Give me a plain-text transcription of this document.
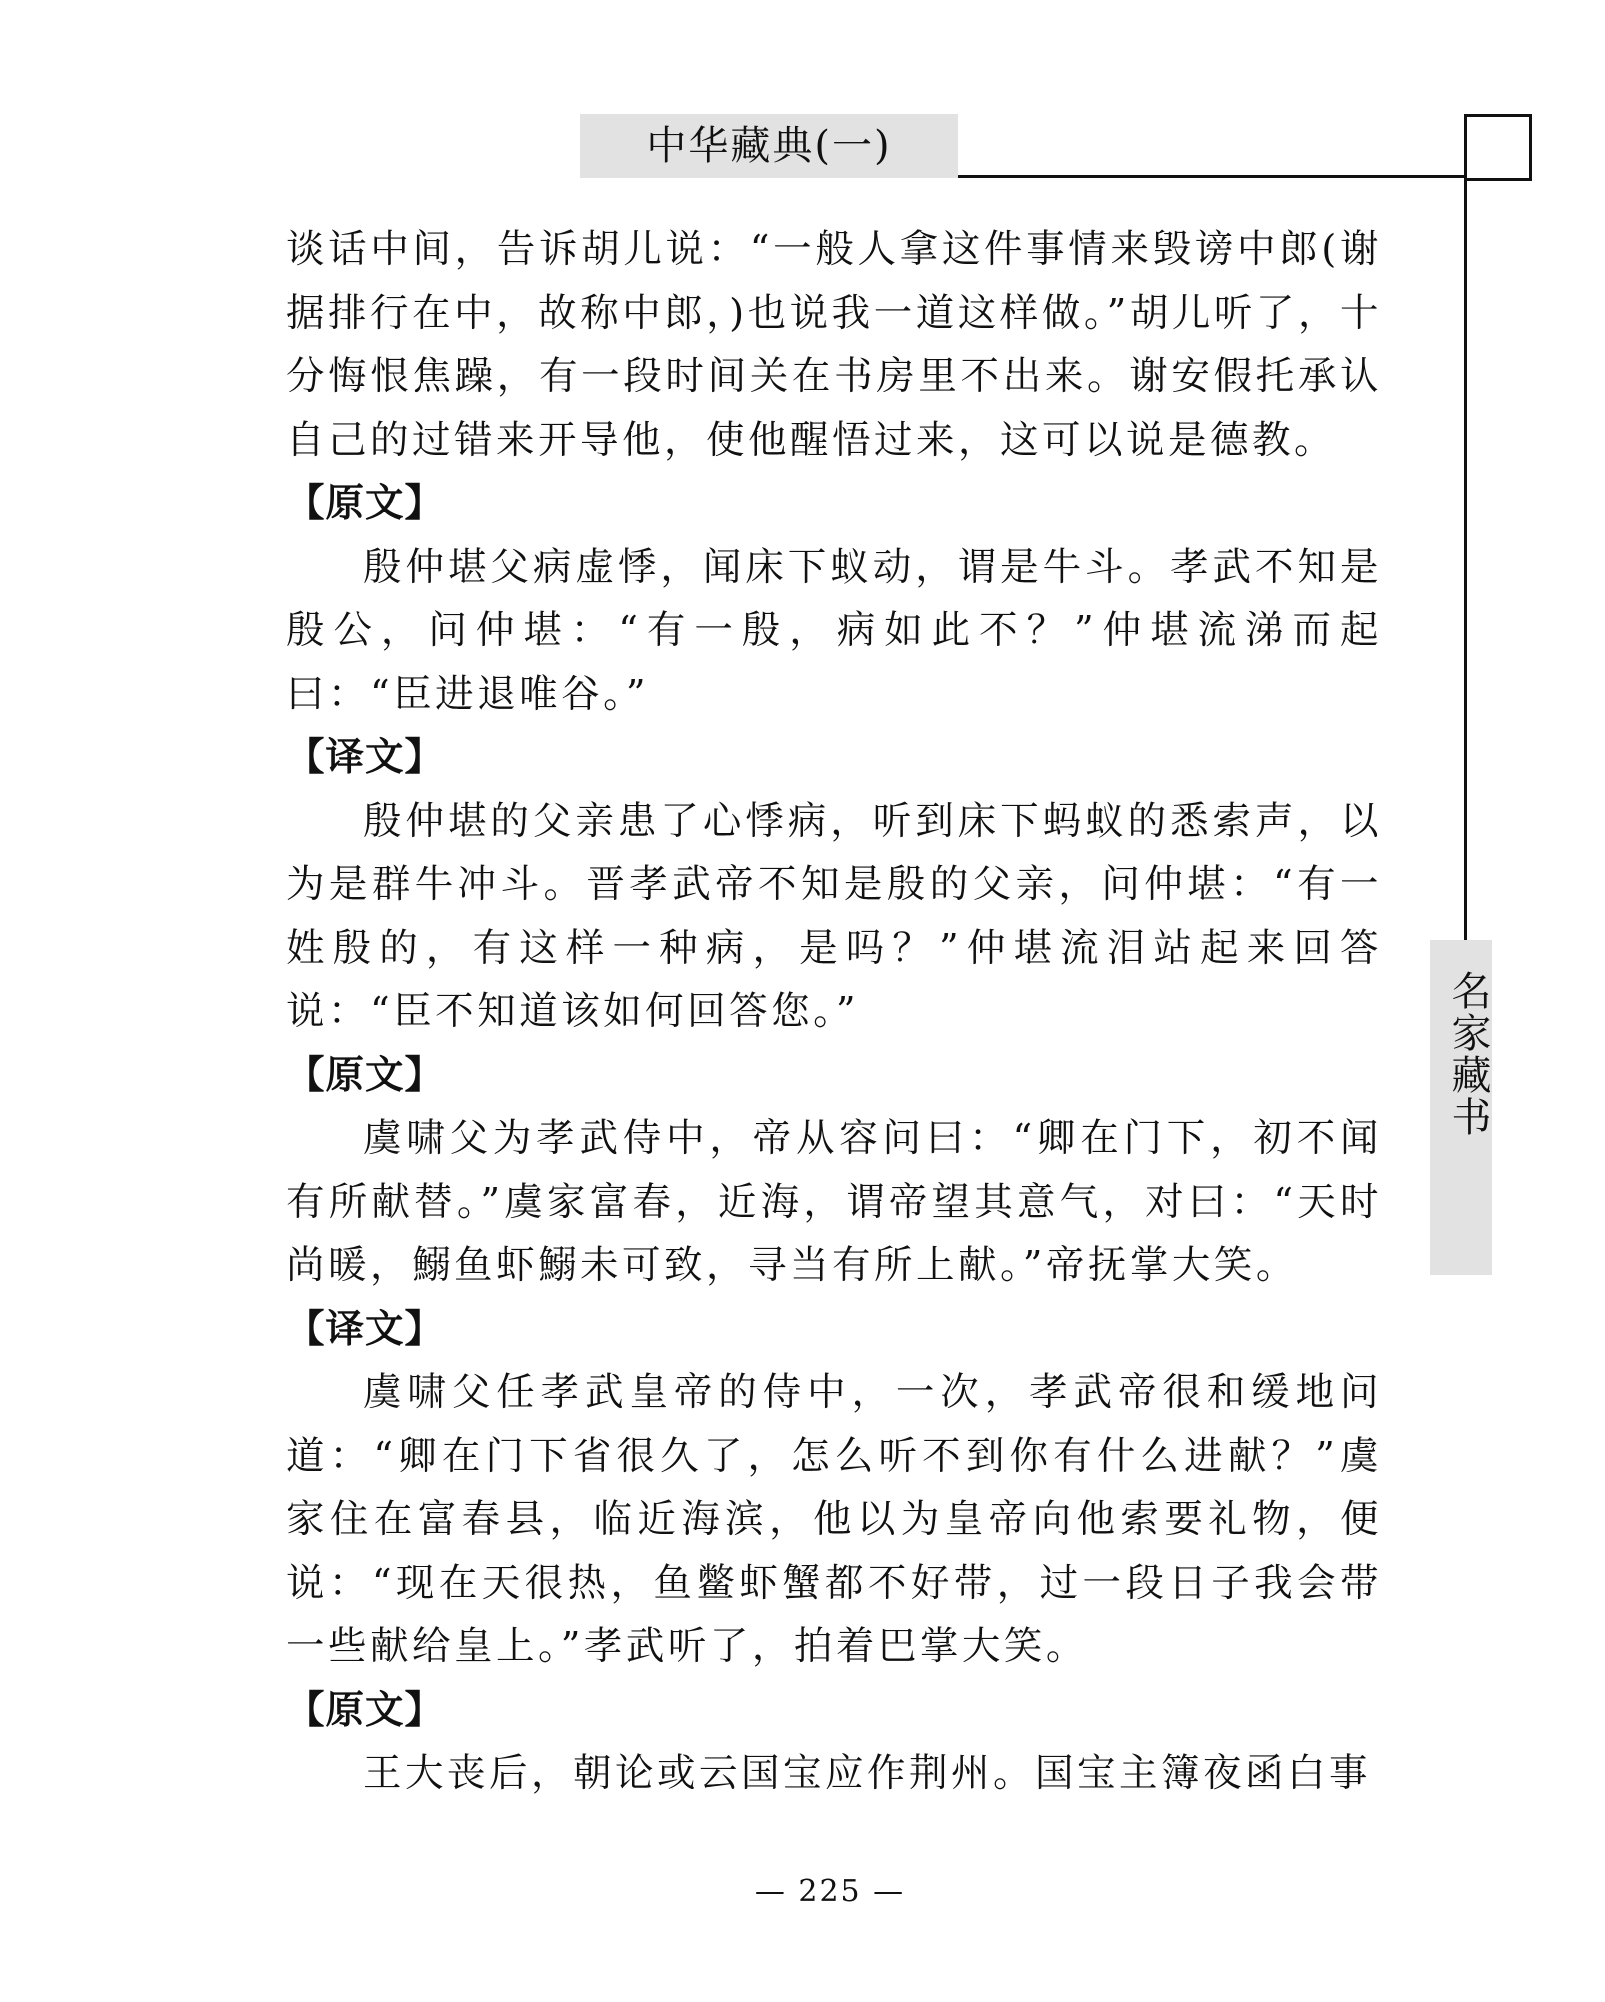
中华藏典(一)
名家藏书

谈话中间，告诉胡儿说：“一般人拿这件事情来毁谤中郎(谢据排行在中，故称中郎，)也说我一道这样做。”胡儿听了，十分悔恨焦躁，有一段时间关在书房里不出来。谢安假托承认自己的过错来开导他，使他醒悟过来，这可以说是德教。

【原文】

殷仲堪父病虚悸，闻床下蚁动，谓是牛斗。孝武不知是殷公，问仲堪：“有一殷，病如此不？”仲堪流涕而起曰：“臣进退唯谷。”

【译文】

殷仲堪的父亲患了心悸病，听到床下蚂蚁的悉索声，以为是群牛冲斗。晋孝武帝不知是殷的父亲，问仲堪：“有一姓殷的，有这样一种病，是吗？”仲堪流泪站起来回答说：“臣不知道该如何回答您。”

【原文】

虞啸父为孝武侍中，帝从容问曰：“卿在门下，初不闻有所献替。”虞家富春，近海，谓帝望其意气，对曰：“天时尚暖，鰯鱼虾鰯未可致，寻当有所上献。”帝抚掌大笑。

【译文】

虞啸父任孝武皇帝的侍中，一次，孝武帝很和缓地问道：“卿在门下省很久了，怎么听不到你有什么进献？”虞家住在富春县，临近海滨，他以为皇帝向他索要礼物，便说：“现在天很热，鱼鳖虾蟹都不好带，过一段日子我会带一些献给皇上。”孝武听了，拍着巴掌大笑。

【原文】

王大丧后，朝论或云国宝应作荆州。国宝主簿夜函白事

— 225 —
